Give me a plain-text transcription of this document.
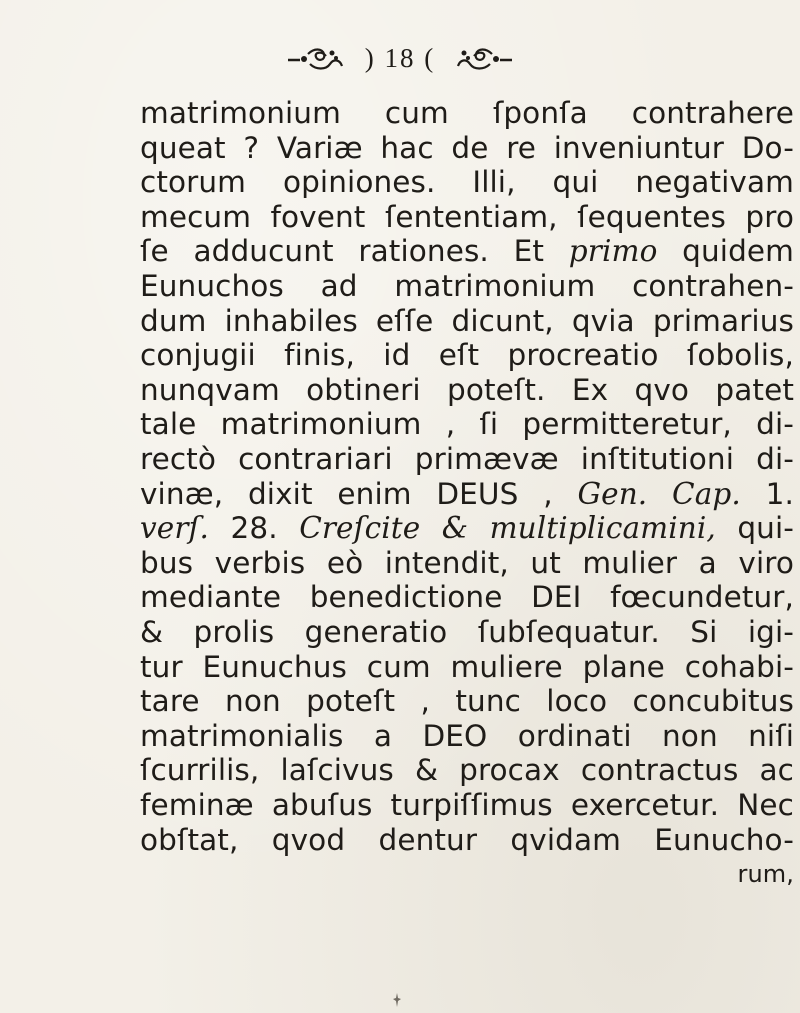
) 18 (
matrimonium cum ſponſa contrahere
queat ? Variæ hac de re inveniuntur Do-
ctorum opiniones. Illi, qui negativam
mecum fovent ſententiam, ſequentes pro
ſe adducunt rationes. Et primo quidem
Eunuchos ad matrimonium contrahen-
dum inhabiles eſſe dicunt, qvia primarius
conjugii finis, id eſt procreatio ſobolis,
nunqvam obtineri poteſt. Ex qvo patet
tale matrimonium , ſi permitteretur, di-
rectò contrariari primævæ inſtitutioni di-
vinæ, dixit enim DEUS , Gen. Cap. 1.
verſ. 28. Creſcite & multiplicamini, qui-
bus verbis eò intendit, ut mulier a viro
mediante benedictione DEI fœcundetur,
& prolis generatio ſubſequatur. Si igi-
tur Eunuchus cum muliere plane cohabi-
tare non poteſt , tunc loco concubitus
matrimonialis a DEO ordinati non niſi
ſcurrilis, laſcivus & procax contractus ac
feminæ abuſus turpiſſimus exercetur. Nec
obſtat, qvod dentur qvidam Eunucho-
rum,
